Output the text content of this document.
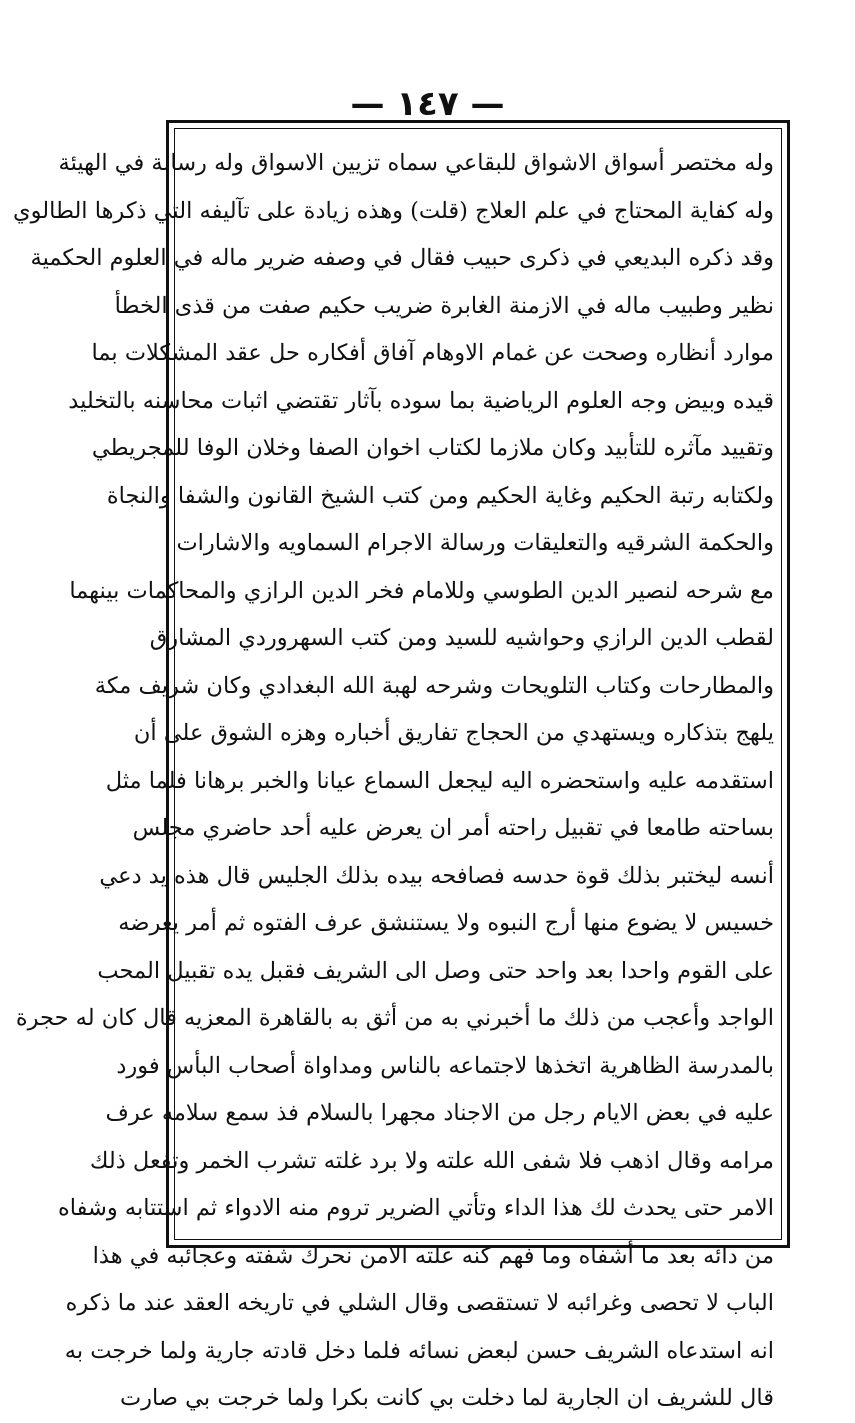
— ١٤٧ —
وله مختصر أسواق الاشواق للبقاعي سماه تزيين الاسواق وله رسالة في الهيئة
وله كفاية المحتاج في علم العلاج (قلت) وهذه زيادة على تآليفه التي ذكرها الطالوي
وقد ذكره البديعي في ذكرى حبيب فقال في وصفه ضرير ماله في العلوم الحكمية
نظير وطبيب ماله في الازمنة الغابرة ضريب حكيم صفت من قذى الخطأ
موارد أنظاره وصحت عن غمام الاوهام آفاق أفكاره حل عقد المشكلات بما
قيده وبيض وجه العلوم الرياضية بما سوده بآثار تقتضي اثبات محاسنه بالتخليد
وتقييد مآثره للتأبيد وكان ملازما لكتاب اخوان الصفا وخلان الوفا للمجريطي
ولكتابه رتبة الحكيم وغاية الحكيم ومن كتب الشيخ القانون والشفا والنجاة
والحكمة الشرقيه والتعليقات ورسالة الاجرام السماويه والاشارات
مع شرحه لنصير الدين الطوسي وللامام فخر الدين الرازي والمحاكمات بينهما
لقطب الدين الرازي وحواشيه للسيد ومن كتب السهروردي المشارق
والمطارحات وكتاب التلويحات وشرحه لهبة الله البغدادي وكان شريف مكة
يلهج بتذكاره ويستهدي من الحجاج تفاريق أخباره وهزه الشوق على أن
استقدمه عليه واستحضره اليه ليجعل السماع عيانا والخبر برهانا فلما مثل
بساحته طامعا في تقبيل راحته أمر ان يعرض عليه أحد حاضري مجلس
أنسه ليختبر بذلك قوة حدسه فصافحه بيده بذلك الجليس قال هذه يد دعي
خسيس لا يضوع منها أرج النبوه ولا يستنشق عرف الفتوه ثم أمر يعرضه
على القوم واحدا بعد واحد حتى وصل الى الشريف فقبل يده تقبيل المحب
الواجد وأعجب من ذلك ما أخبرني به من أثق به بالقاهرة المعزيه قال كان له حجرة
بالمدرسة الظاهرية اتخذها لاجتماعه بالناس ومداواة أصحاب البأس فورد
عليه في بعض الايام رجل من الاجناد مجهرا بالسلام فذ سمع سلامه عرف
مرامه وقال اذهب فلا شفى الله علته ولا برد غلته تشرب الخمر وتفعل ذلك
الامر حتى يحدث لك هذا الداء وتأتي الضرير تروم منه الادواء ثم استتابه وشفاه
من دائه بعد ما أشفاه وما فهم كنه علته الامن نحرك شفته وعجائبه في هذا
الباب لا تحصى وغرائبه لا تستقصى وقال الشلي في تاريخه العقد عند ما ذكره
انه استدعاه الشريف حسن لبعض نسائه فلما دخل قادته جارية ولما خرجت به
قال للشريف ان الجارية لما دخلت بي كانت بكرا ولما خرجت بي صارت
